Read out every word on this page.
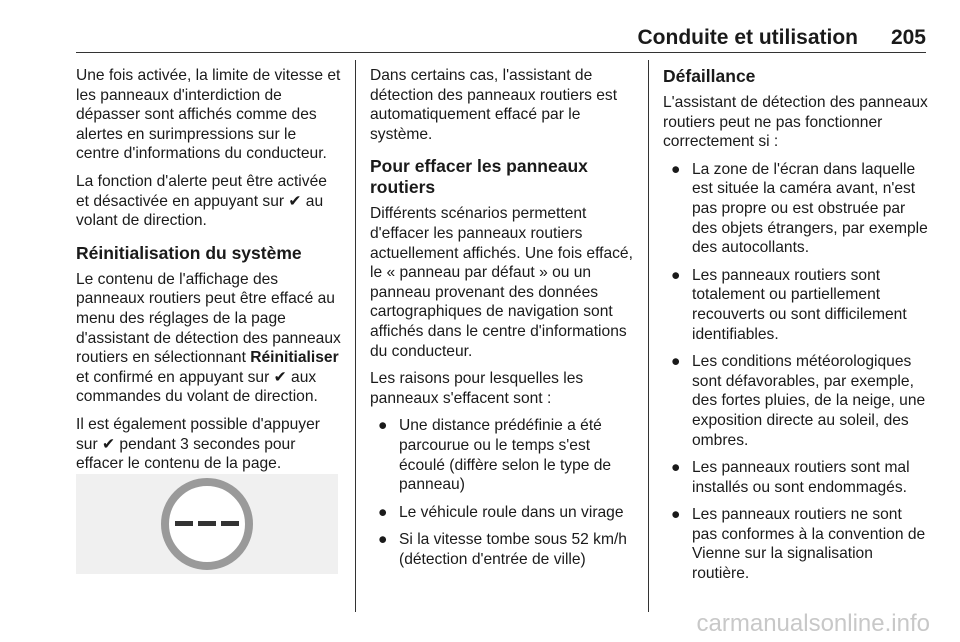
Conduite et utilisation 205

Une fois activée, la limite de vitesse et les panneaux d'interdiction de dépasser sont affichés comme des alertes en surimpressions sur le centre d'informations du conducteur.

La fonction d'alerte peut être activée et désactivée en appuyant sur ✔ au volant de direction.

Réinitialisation du système

Le contenu de l'affichage des panneaux routiers peut être effacé au menu des réglages de la page d'assistant de détection des panneaux routiers en sélectionnant Réinitialiser et confirmé en appuyant sur ✔ aux commandes du volant de direction.

Il est également possible d'appuyer sur ✔ pendant 3 secondes pour effacer le contenu de la page.

Dans certains cas, l'assistant de détection des panneaux routiers est automatiquement effacé par le système.

Pour effacer les panneaux routiers

Différents scénarios permettent d'effacer les panneaux routiers actuellement affichés. Une fois effacé, le « panneau par défaut » ou un panneau provenant des données cartographiques de navigation sont affichés dans le centre d'informations du conducteur.

Les raisons pour lesquelles les panneaux s'effacent sont :

● Une distance prédéfinie a été parcourue ou le temps s'est écoulé (diffère selon le type de panneau)
● Le véhicule roule dans un virage
● Si la vitesse tombe sous 52 km/h (détection d'entrée de ville)
Défaillance

L'assistant de détection des panneaux routiers peut ne pas fonctionner correctement si :

● La zone de l'écran dans laquelle est située la caméra avant, n'est pas propre ou est obstruée par des objets étrangers, par exemple des autocollants.
● Les panneaux routiers sont totalement ou partiellement recouverts ou sont difficilement identifiables.
● Les conditions météorologiques sont défavorables, par exemple, des fortes pluies, de la neige, une exposition directe au soleil, des ombres.
● Les panneaux routiers sont mal installés ou sont endommagés.
● Les panneaux routiers ne sont pas conformes à la convention de Vienne sur la signalisation routière.
carmanualsonline.info
